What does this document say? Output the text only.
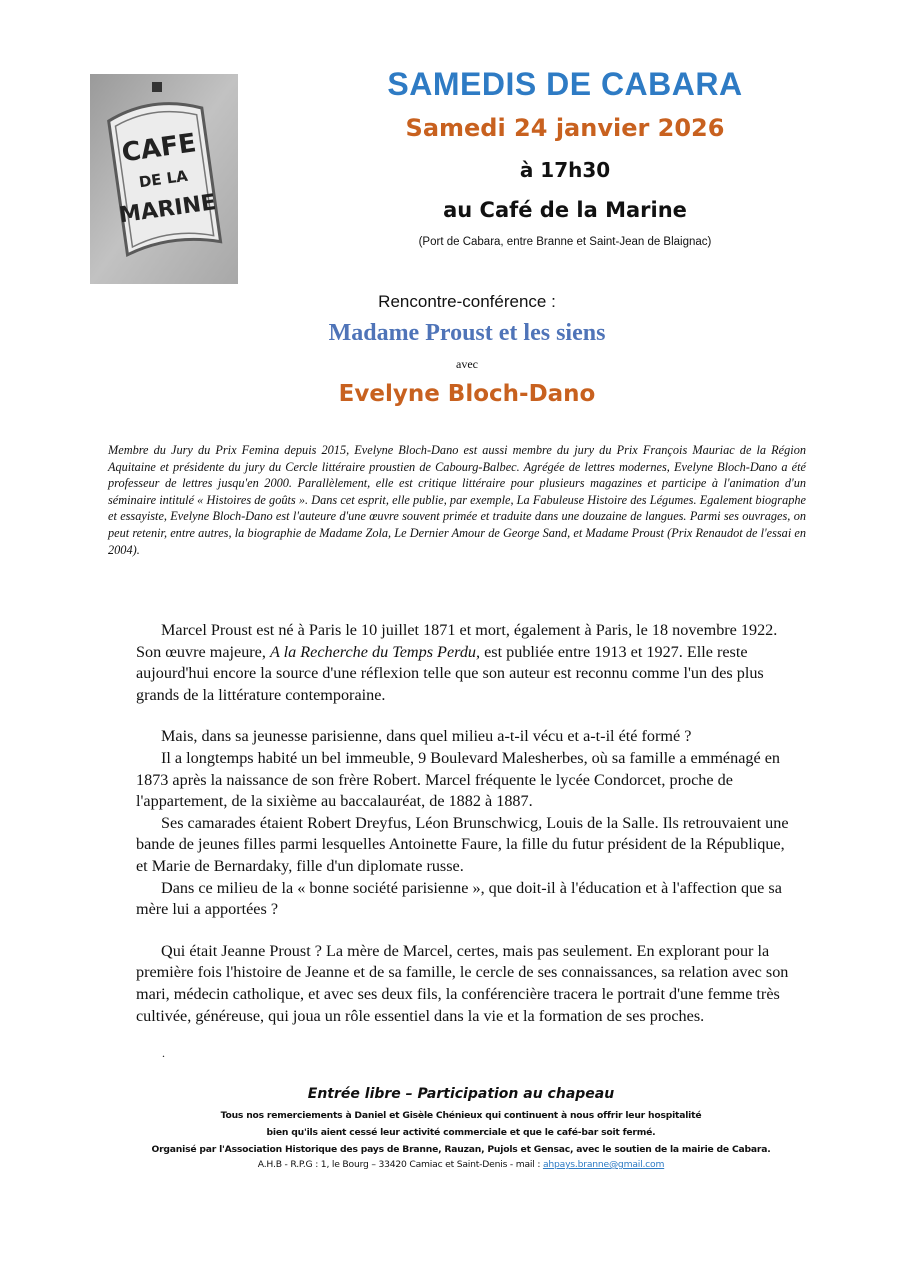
CAFE
DE LA
MARINE
SAMEDIS DE CABARA
Samedi 24 janvier 2026
à 17h30
au Café de la Marine
(Port de Cabara, entre Branne et Saint-Jean de Blaignac)
Rencontre-conférence :
Madame Proust et les siens
avec
Evelyne Bloch-Dano

Membre du Jury du Prix Femina depuis 2015, Evelyne Bloch-Dano est aussi membre du jury du Prix François Mauriac de la Région Aquitaine et présidente du jury du Cercle littéraire proustien de Cabourg-Balbec. Agrégée de lettres modernes, Evelyne Bloch-Dano a été professeur de lettres jusqu'en 2000. Parallèlement, elle est critique littéraire pour plusieurs magazines et participe à l'animation d'un séminaire intitulé « Histoires de goûts ». Dans cet esprit, elle publie, par exemple, La Fabuleuse Histoire des Légumes. Egalement biographe et essayiste, Evelyne Bloch-Dano est l'auteure d'une œuvre souvent primée et traduite dans une douzaine de langues. Parmi ses ouvrages, on peut retenir, entre autres, la biographie de Madame Zola, Le Dernier Amour de George Sand, et Madame Proust (Prix Renaudot de l'essai en 2004).

Marcel Proust est né à Paris le 10 juillet 1871 et mort, également à Paris, le 18 novembre 1922. Son œuvre majeure, A la Recherche du Temps Perdu, est publiée entre 1913 et 1927. Elle reste aujourd'hui encore la source d'une réflexion telle que son auteur est reconnu comme l'un des plus grands de la littérature contemporaine.

Mais, dans sa jeunesse parisienne, dans quel milieu a-t-il vécu et a-t-il été formé ?

Il a longtemps habité un bel immeuble, 9 Boulevard Malesherbes, où sa famille a emménagé en 1873 après la naissance de son frère Robert. Marcel fréquente le lycée Condorcet, proche de l'appartement, de la sixième au baccalauréat, de 1882 à 1887.

Ses camarades étaient Robert Dreyfus, Léon Brunschwicg, Louis de la Salle. Ils retrouvaient une bande de jeunes filles parmi lesquelles Antoinette Faure, la fille du futur président de la République, et Marie de Bernardaky, fille d'un diplomate russe.

Dans ce milieu de la « bonne société parisienne », que doit-il à l'éducation et à l'affection que sa mère lui a apportées ?

Qui était Jeanne Proust ? La mère de Marcel, certes, mais pas seulement. En explorant pour la première fois l'histoire de Jeanne et de sa famille, le cercle de ses connaissances, sa relation avec son mari, médecin catholique, et avec ses deux fils, la conférencière tracera le portrait d'une femme très cultivée, généreuse, qui joua un rôle essentiel dans la vie et la formation de ses proches.

.
Entrée libre – Participation au chapeau
Tous nos remerciements à Daniel et Gisèle Chénieux qui continuent à nous offrir leur hospitalité
bien qu'ils aient cessé leur activité commerciale et que le café-bar soit fermé.
Organisé par l'Association Historique des pays de Branne, Rauzan, Pujols et Gensac, avec le soutien de la mairie de Cabara.
A.H.B - R.P.G : 1, le Bourg – 33420 Camiac et Saint-Denis - mail : ahpays.branne@gmail.com
